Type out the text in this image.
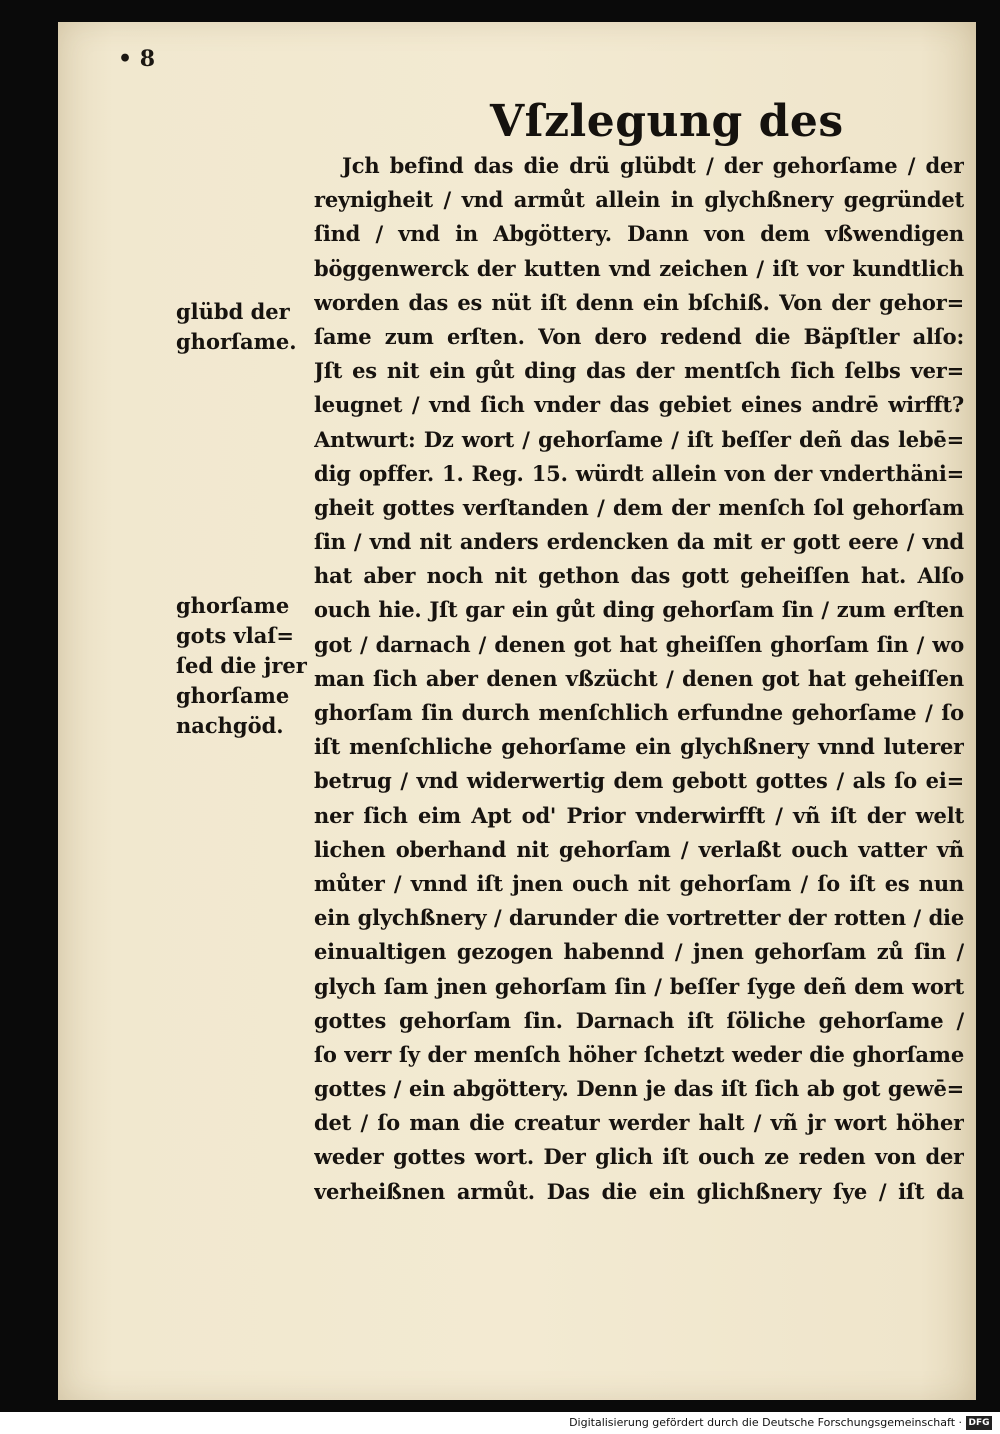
• 8
Vſzlegung des
glübd der
ghorſame.
ghorſame
gots vlaſ=
ſed die jrer
ghorſame
nachgöd.
Jch befind das die drü glübdt / der gehorſame / der
reynigheit / vnd armůt allein in glychßnery gegründet
ſind / vnd in Abgöttery. Dann von dem vßwendigen
böggenwerck der kutten vnd zeichen / iſt vor kundtlich
worden das es nüt iſt denn ein bſchiß. Von der gehor=
ſame zum erſten. Von dero redend die Bäpſtler alſo:
Jſt es nit ein gůt ding das der mentſch ſich ſelbs ver=
leugnet / vnd ſich vnder das gebiet eines andrē wirfft?
Antwurt: Dz wort / gehorſame / iſt beſſer deñ das lebē=
dig opffer. 1. Reg. 15. würdt allein von der vnderthäni=
gheit gottes verſtanden / dem der menſch ſol gehorſam
ſin / vnd nit anders erdencken da mit er gott eere / vnd
hat aber noch nit gethon das gott geheiſſen hat. Alſo
ouch hie. Jſt gar ein gůt ding gehorſam ſin / zum erſten
got / darnach / denen got hat gheiſſen ghorſam ſin / wo
man ſich aber denen vßzücht / denen got hat geheiſſen
ghorſam ſin durch menſchlich erfundne gehorſame / ſo
iſt menſchliche gehorſame ein glychßnery vnnd luterer
betrug / vnd widerwertig dem gebott gottes / als ſo ei=
ner ſich eim Apt od' Prior vnderwirfft / vñ iſt der welt
lichen oberhand nit gehorſam / verlaßt ouch vatter vñ
můter / vnnd iſt jnen ouch nit gehorſam / ſo iſt es nun
ein glychßnery / darunder die vortretter der rotten / die
einualtigen gezogen habennd / jnen gehorſam zů ſin /
glych ſam jnen gehorſam ſin / beſſer ſyge deñ dem wort
gottes gehorſam ſin. Darnach iſt ſöliche gehorſame /
ſo verr ſy der menſch höher ſchetzt weder die ghorſame
gottes / ein abgöttery. Denn je das iſt ſich ab got gewē=
det / ſo man die creatur werder halt / vñ jr wort höher
weder gottes wort. Der glich iſt ouch ze reden von der
verheißnen armůt. Das die ein glichßnery ſye / iſt da
Digitalisierung gefördert durch die Deutsche Forschungsgemeinschaft · DFG
